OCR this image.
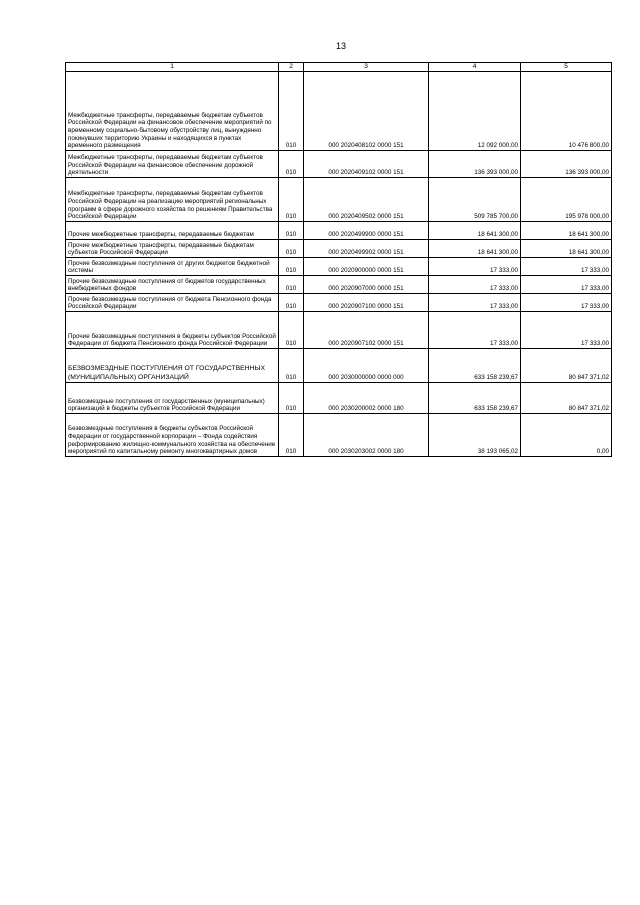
13
1	2	3	4	5

Межбюджетные трансферты, передаваемые бюджетам субъектов Российской Федерации на финансовое обеспечение мероприятий по временному социально-бытовому обустройству лиц, вынужденно покинувших территорию Украины и находящихся в пунктах временного размещения	010	000 2020408102 0000 151	12 092 000,00	10 476 800,00

Межбюджетные трансферты, передаваемые бюджетам субъектов Российской Федерации на финансовое обеспечение дорожной деятельности	010	000 2020409102 0000 151	136 393 000,00	136 393 000,00

Межбюджетные трансферты, передаваемые бюджетам субъектов Российской Федерации на реализацию мероприятий региональных программ в сфере дорожного хозяйства по решениям Правительства Российской Федерации	010	000 2020409502 0000 151	509 785 700,00	195 978 000,00

Прочие межбюджетные трансферты, передаваемые бюджетам	010	000 2020499900 0000 151	18 641 300,00	18 641 300,00

Прочие межбюджетные трансферты, передаваемые бюджетам субъектов Российской Федерации	010	000 2020499902 0000 151	18 641 300,00	18 641 300,00

Прочие безвозмездные поступления от других бюджетов бюджетной системы	010	000 2020900000 0000 151	17 333,00	17 333,00

Прочие безвозмездные поступления от бюджетов государственных внебюджетных фондов	010	000 2020907000 0000 151	17 333,00	17 333,00

Прочие безвозмездные поступления от бюджета Пенсионного фонда Российской Федерации	010	000 2020907100 0000 151	17 333,00	17 333,00

Прочие безвозмездные поступления в бюджеты субъектов Российской Федерации от бюджета Пенсионного фонда Российской Федерации	010	000 2020907102 0000 151	17 333,00	17 333,00

БЕЗВОЗМЕЗДНЫЕ ПОСТУПЛЕНИЯ ОТ ГОСУДАРСТВЕННЫХ (МУНИЦИПАЛЬНЫХ) ОРГАНИЗАЦИЙ	010	000 2030000000 0000 000	633 158 239,67	80 847 371,02

Безвозмездные поступления от государственных (муниципальных) организаций в бюджеты субъектов Российской Федерации	010	000 2030200002 0000 180	633 158 239,67	80 847 371,02

Безвозмездные поступления в бюджеты субъектов Российской Федерации от государственной корпорации – Фонда содействия реформированию жилищно-коммунального хозяйства на обеспечение мероприятий по капитальному ремонту многоквартирных домов	010	000 2030203002 0000 180	38 193 065,02	0,00
